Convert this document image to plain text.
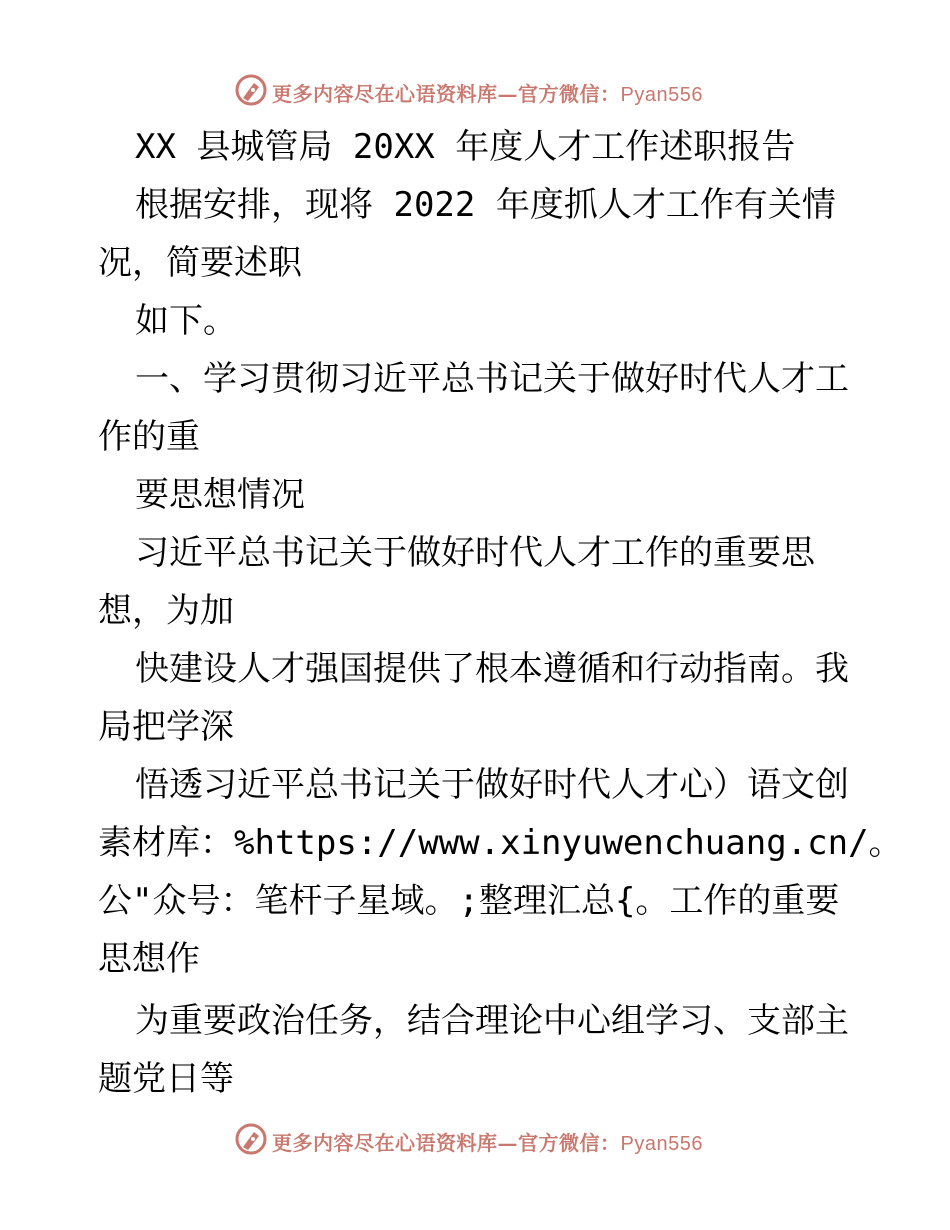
更多内容尽在心语资料库—官方微信：Pyan556
XX 县城管局 20XX 年度人才工作述职报告
根据安排，现将 2022 年度抓人才工作有关情
况，简要述职
如下。
一、学习贯彻习近平总书记关于做好时代人才工
作的重
要思想情况
习近平总书记关于做好时代人才工作的重要思
想，为加
快建设人才强国提供了根本遵循和行动指南。我
局把学深
悟透习近平总书记关于做好时代人才心）语文创
素材库：%https://www.xinyuwenchuang.cn/。
公"众号：笔杆子星域。;整理汇总{。工作的重要
思想作
为重要政治任务，结合理论中心组学习、支部主
题党日等
更多内容尽在心语资料库—官方微信：Pyan556
